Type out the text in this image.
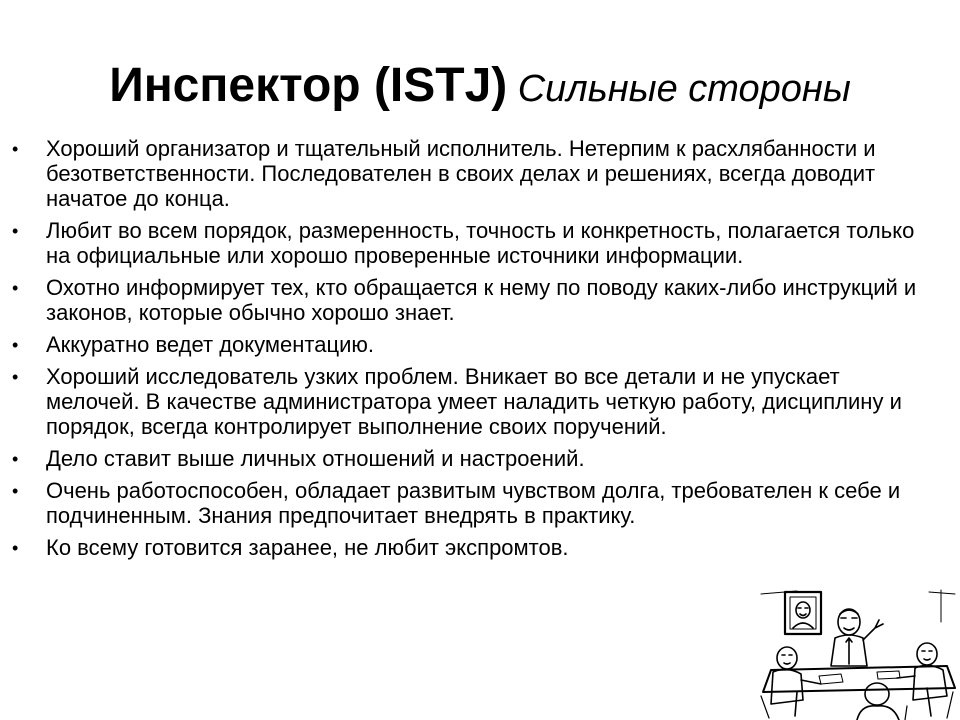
Инспектор (ISTJ) Сильные стороны
• Хороший организатор и тщательный исполнитель. Нетерпим к расхлябанности и безответственности. Последователен в своих делах и решениях, всегда доводит начатое до конца.
• Любит во всем порядок, размеренность, точность и конкретность, полагается только на официальные или хорошо проверенные источники информации.
• Охотно информирует тех, кто обращается к нему по поводу каких-либо инструкций и законов, которые обычно хорошо знает.
• Аккуратно ведет документацию.
• Хороший исследователь узких проблем. Вникает во все детали и не упускает мелочей. В качестве администратора умеет наладить четкую работу, дисциплину и порядок, всегда контролирует выполнение своих поручений.
• Дело ставит выше личных отношений и настроений.
• Очень работоспособен, обладает развитым чувством долга, требователен к себе и подчиненным. Знания предпочитает внедрять в практику.
• Ко всему готовится заранее, не любит экспромтов.
